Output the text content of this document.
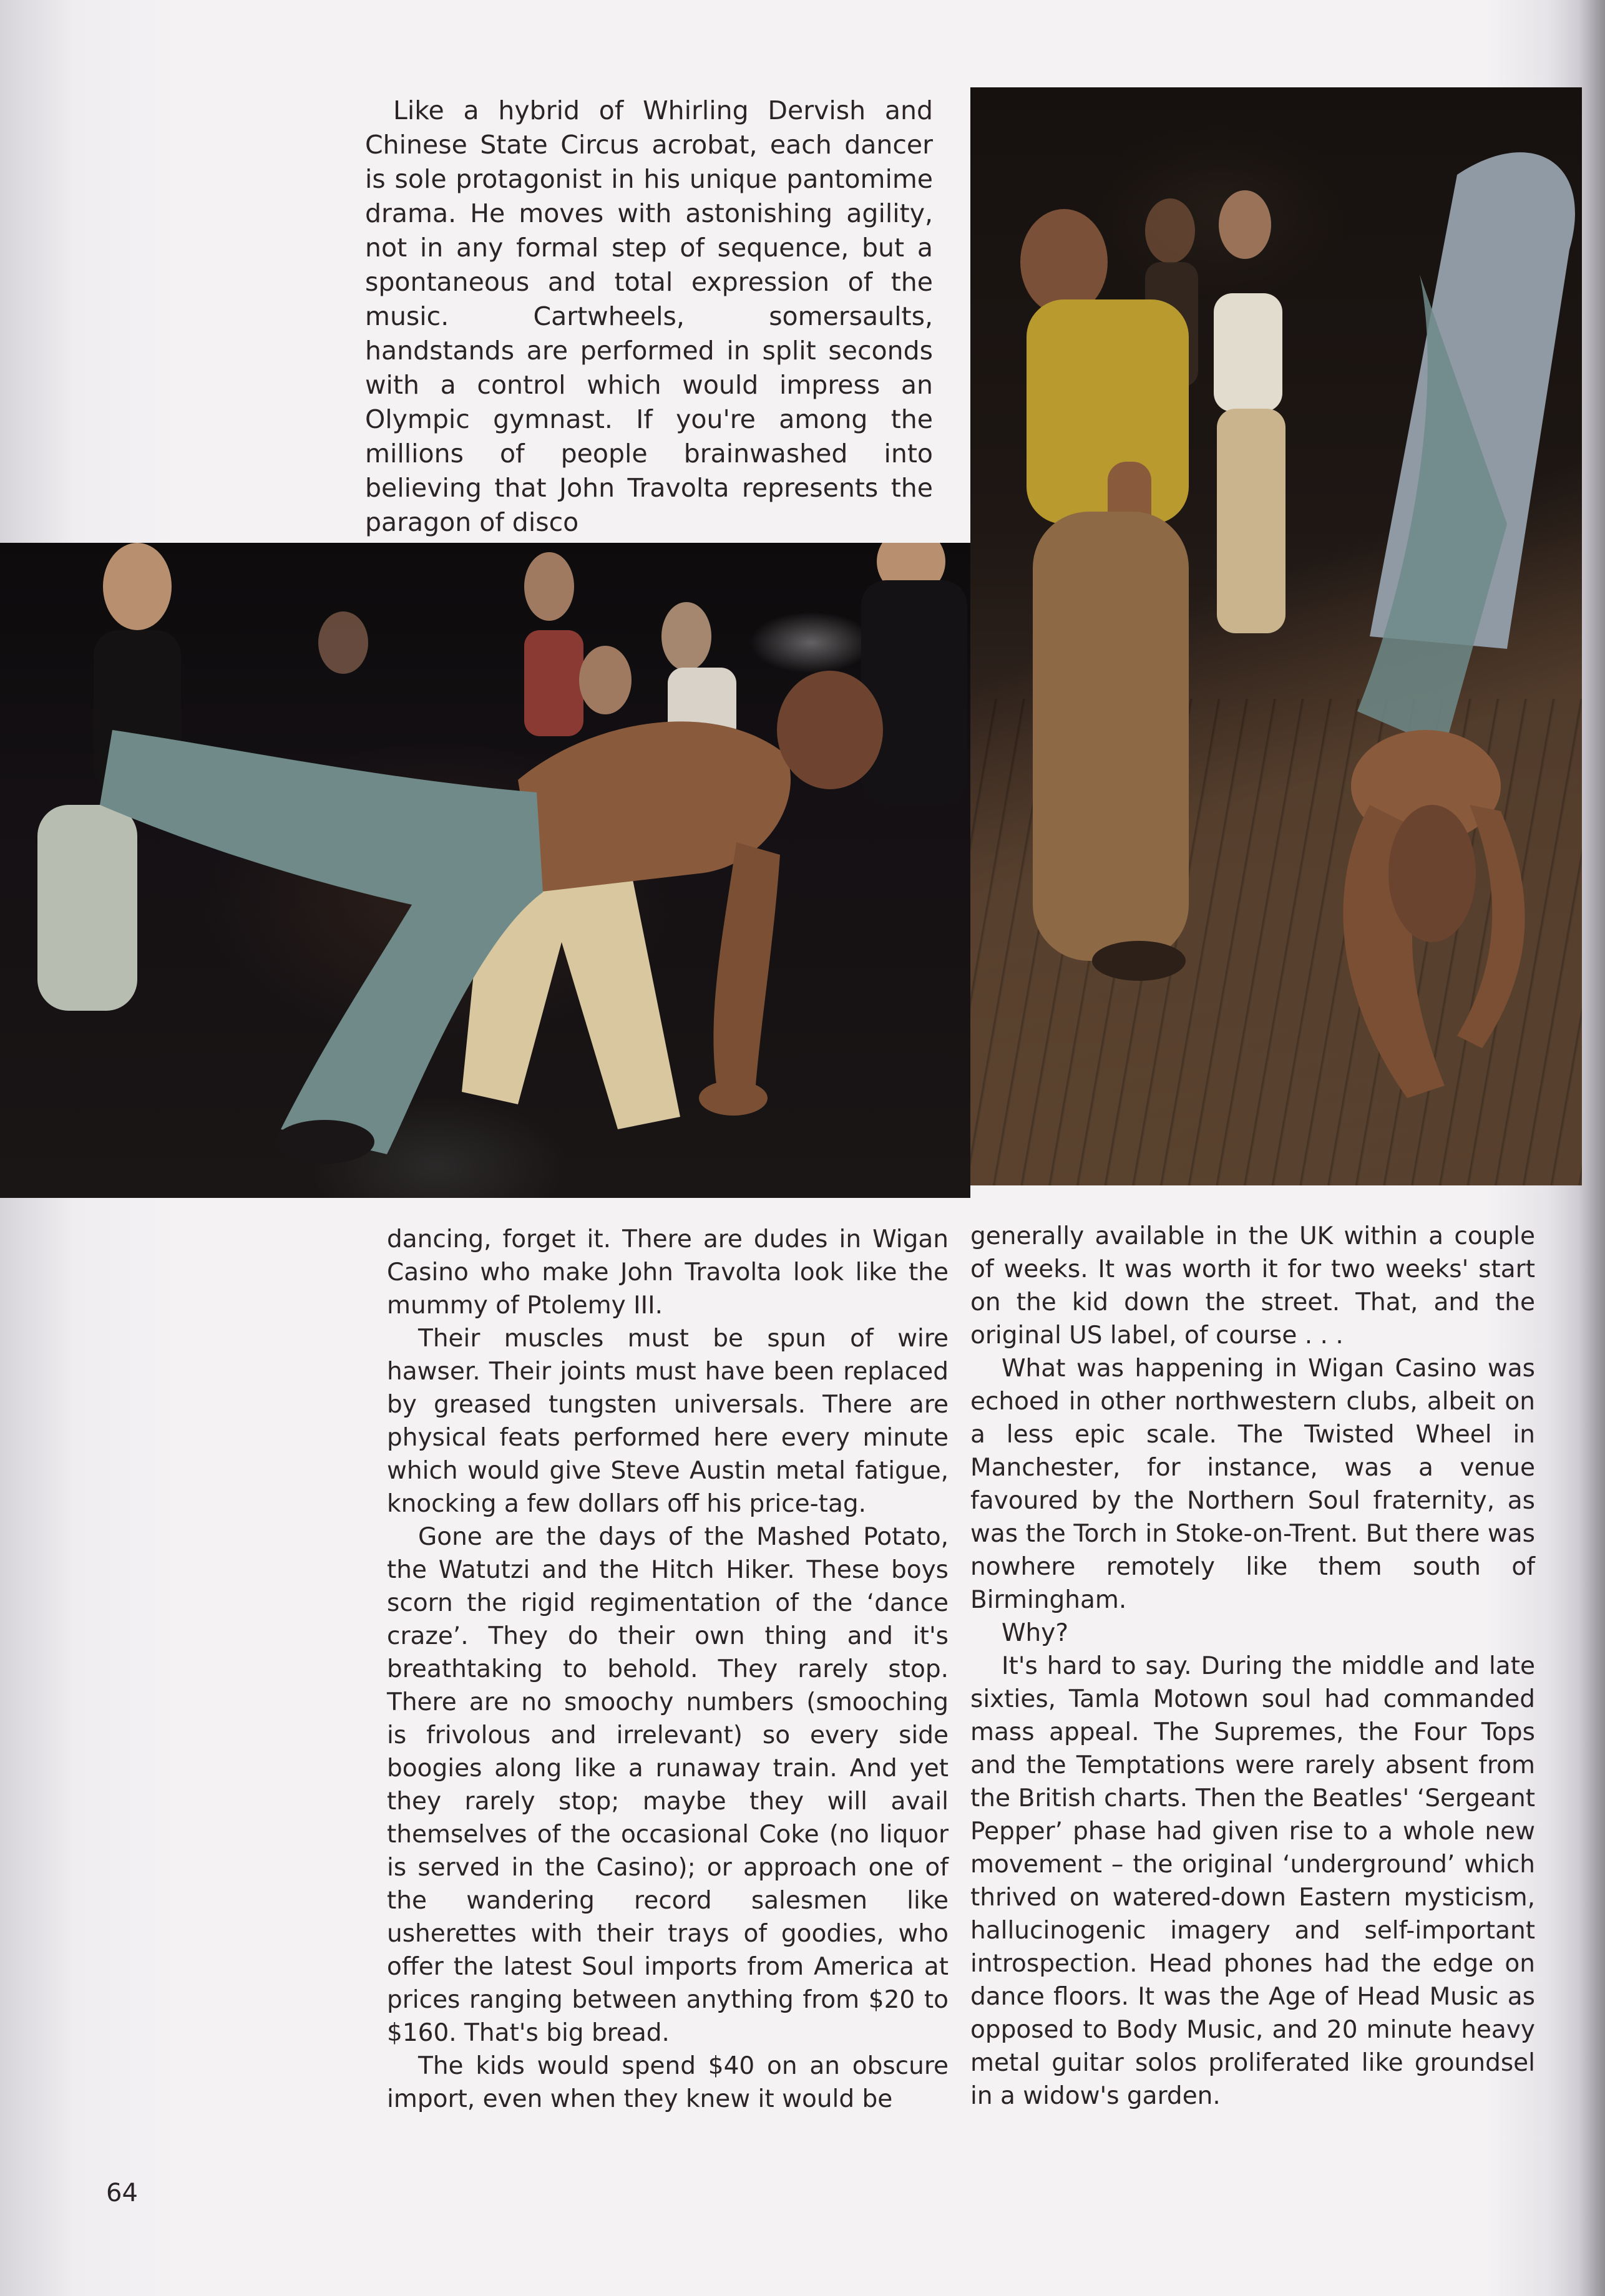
Like a hybrid of Whirling Dervish and Chinese State Circus acrobat, each dancer is sole protagonist in his unique pantomime drama. He moves with astonishing agility, not in any formal step of sequence, but a spontaneous and total expression of the music. Cartwheels, somersaults, handstands are performed in split seconds with a control which would impress an Olympic gymnast. If you're among the millions of people brainwashed into believing that John Travolta represents the paragon of disco

dancing, forget it. There are dudes in Wigan Casino who make John Travolta look like the mummy of Ptolemy III.

Their muscles must be spun of wire hawser. Their joints must have been replaced by greased tungsten universals. There are physical feats performed here every minute which would give Steve Austin metal fatigue, knocking a few dollars off his price-tag.

Gone are the days of the Mashed Potato, the Watutzi and the Hitch Hiker. These boys scorn the rigid regimentation of the ‘dance craze’. They do their own thing and it's breathtaking to behold. They rarely stop. There are no smoochy numbers (smooching is frivolous and irrelevant) so every side boogies along like a runaway train. And yet they rarely stop; maybe they will avail themselves of the occasional Coke (no liquor is served in the Casino); or approach one of the wandering record salesmen like usherettes with their trays of goodies, who offer the latest Soul imports from America at prices ranging between anything from $20 to $160. That's big bread.

The kids would spend $40 on an obscure import, even when they knew it would be

generally available in the UK within a couple of weeks. It was worth it for two weeks' start on the kid down the street. That, and the original US label, of course . . .

What was happening in Wigan Casino was echoed in other northwestern clubs, albeit on a less epic scale. The Twisted Wheel in Manchester, for instance, was a venue favoured by the Northern Soul fraternity, as was the Torch in Stoke-on-Trent. But there was nowhere remotely like them south of Birmingham.

Why?

It's hard to say. During the middle and late sixties, Tamla Motown soul had commanded mass appeal. The Supremes, the Four Tops and the Temptations were rarely absent from the British charts. Then the Beatles' ‘Sergeant Pepper’ phase had given rise to a whole new movement – the original ‘underground’ which thrived on watered-down Eastern mysticism, hallucinogenic imagery and self-important introspection. Head phones had the edge on dance floors. It was the Age of Head Music as opposed to Body Music, and 20 minute heavy metal guitar solos proliferated like groundsel in a widow's garden.

64
